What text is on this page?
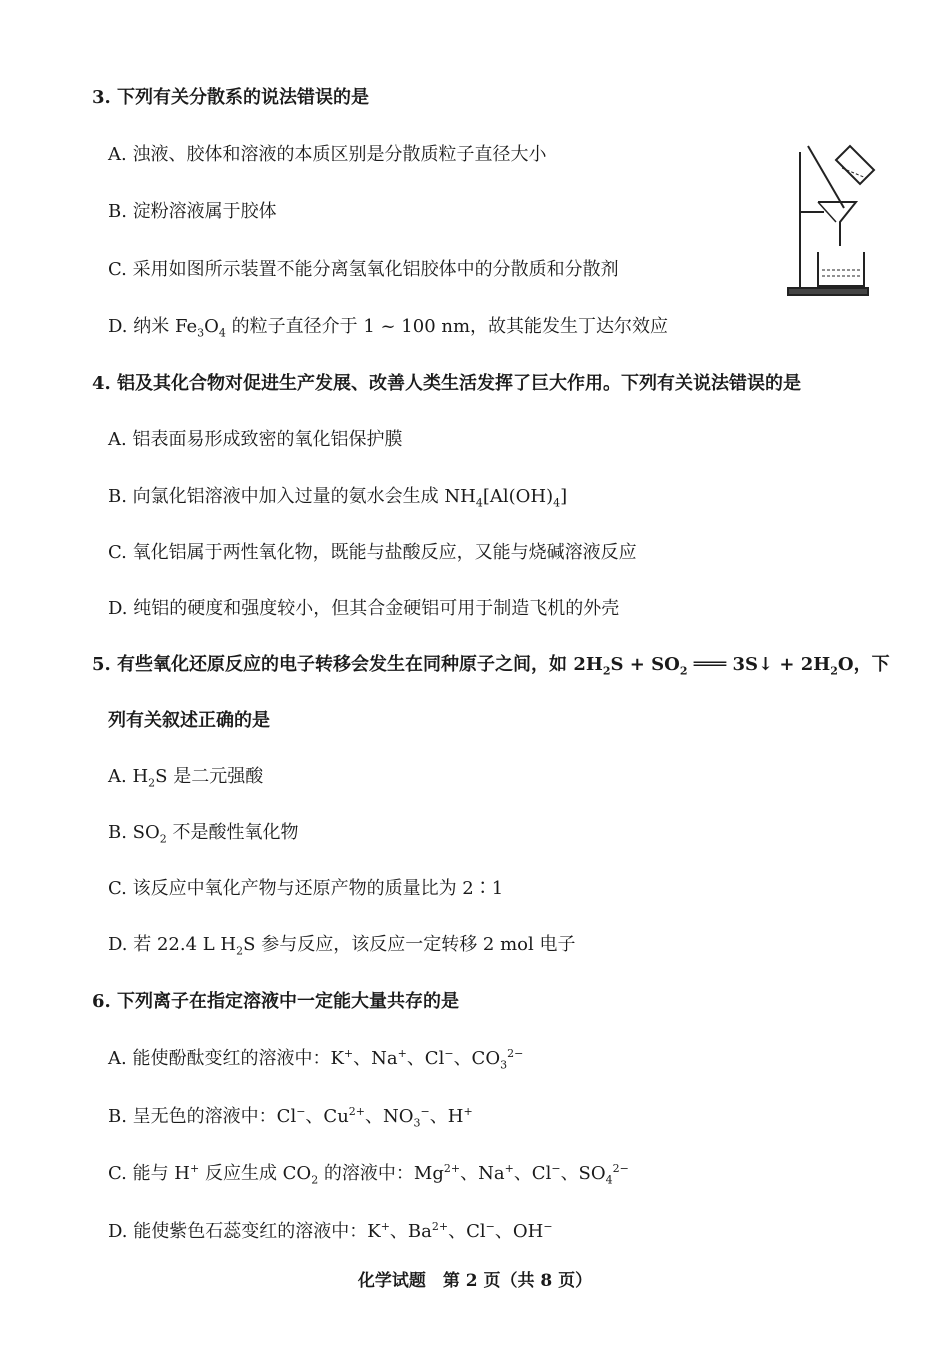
3. 下列有关分散系的说法错误的是
A. 浊液、胶体和溶液的本质区别是分散质粒子直径大小
B. 淀粉溶液属于胶体
C. 采用如图所示装置不能分离氢氧化铝胶体中的分散质和分散剂
D. 纳米 $Fe_3O_4$ 的粒子直径介于 1 ~ 100 nm，故其能发生丁达尔效应
4. 铝及其化合物对促进生产发展、改善人类生活发挥了巨大作用。下列有关说法错误的是
A. 铝表面易形成致密的氧化铝保护膜
B. 向氯化铝溶液中加入过量的氨水会生成 $NH_4[Al(OH)_4]$
C. 氧化铝属于两性氧化物，既能与盐酸反应，又能与烧碱溶液反应
D. 纯铝的硬度和强度较小，但其合金硬铝可用于制造飞机的外壳
5. 有些氧化还原反应的电子转移会发生在同种原子之间，如 $2H_2S + SO_2$ ═══ 3S↓ + $2H_2O$，下
列有关叙述正确的是
A. $H_2S$ 是二元强酸
B. $SO_2$ 不是酸性氧化物
C. 该反应中氧化产物与还原产物的质量比为 2∶1
D. 若 22.4 L $H_2S$ 参与反应，该反应一定转移 2 mol 电子
6. 下列离子在指定溶液中一定能大量共存的是
A. 能使酚酞变红的溶液中：K+、Na+、Cl−、$CO_3^{2-}$
B. 呈无色的溶液中：Cl−、$Cu^{2+}$、$NO_3^-$、H+
C. 能与 H+ 反应生成 $CO_2$ 的溶液中：$Mg^{2+}$、Na+、Cl−、$SO_4^{2-}$
D. 能使紫色石蕊变红的溶液中：K+、$Ba^{2+}$、Cl−、OH−
化学试题　第 2 页（共 8 页）
